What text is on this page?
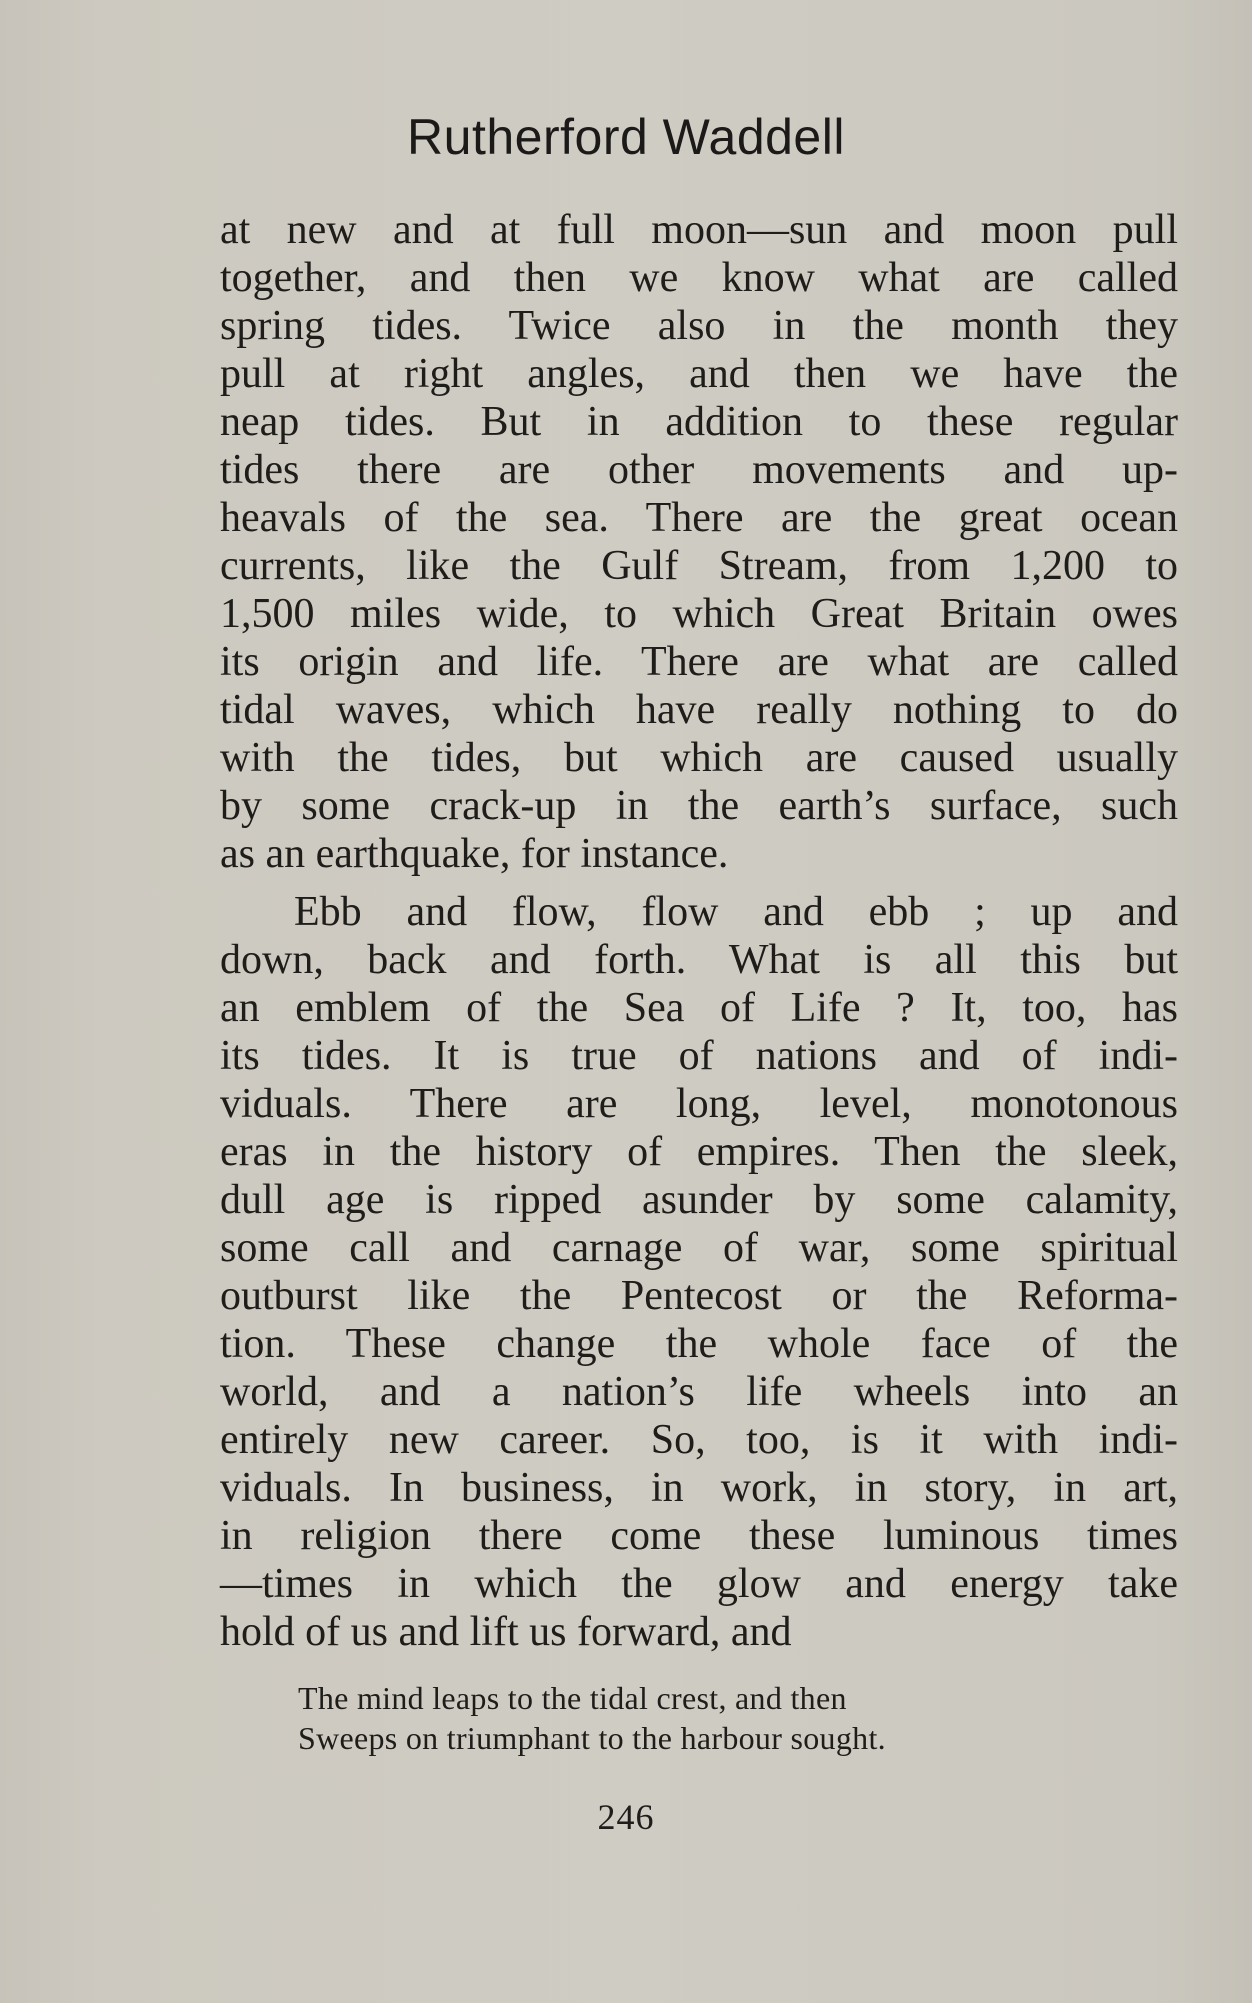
Rutherford Waddell
at new and at full moon—sun and moon pull
together, and then we know what are called
spring tides. Twice also in the month they
pull at right angles, and then we have the
neap tides. But in addition to these regular
tides there are other movements and up-
heavals of the sea. There are the great ocean
currents, like the Gulf Stream, from 1,200 to
1,500 miles wide, to which Great Britain owes
its origin and life. There are what are called
tidal waves, which have really nothing to do
with the tides, but which are caused usually
by some crack-up in the earth’s surface, such
as an earthquake, for instance.
Ebb and flow, flow and ebb ; up and
down, back and forth. What is all this but
an emblem of the Sea of Life ? It, too, has
its tides. It is true of nations and of indi-
viduals. There are long, level, monotonous
eras in the history of empires. Then the sleek,
dull age is ripped asunder by some calamity,
some call and carnage of war, some spiritual
outburst like the Pentecost or the Reforma-
tion. These change the whole face of the
world, and a nation’s life wheels into an
entirely new career. So, too, is it with indi-
viduals. In business, in work, in story, in art,
in religion there come these luminous times
—times in which the glow and energy take
hold of us and lift us forward, and
The mind leaps to the tidal crest, and then
Sweeps on triumphant to the harbour sought.
246
